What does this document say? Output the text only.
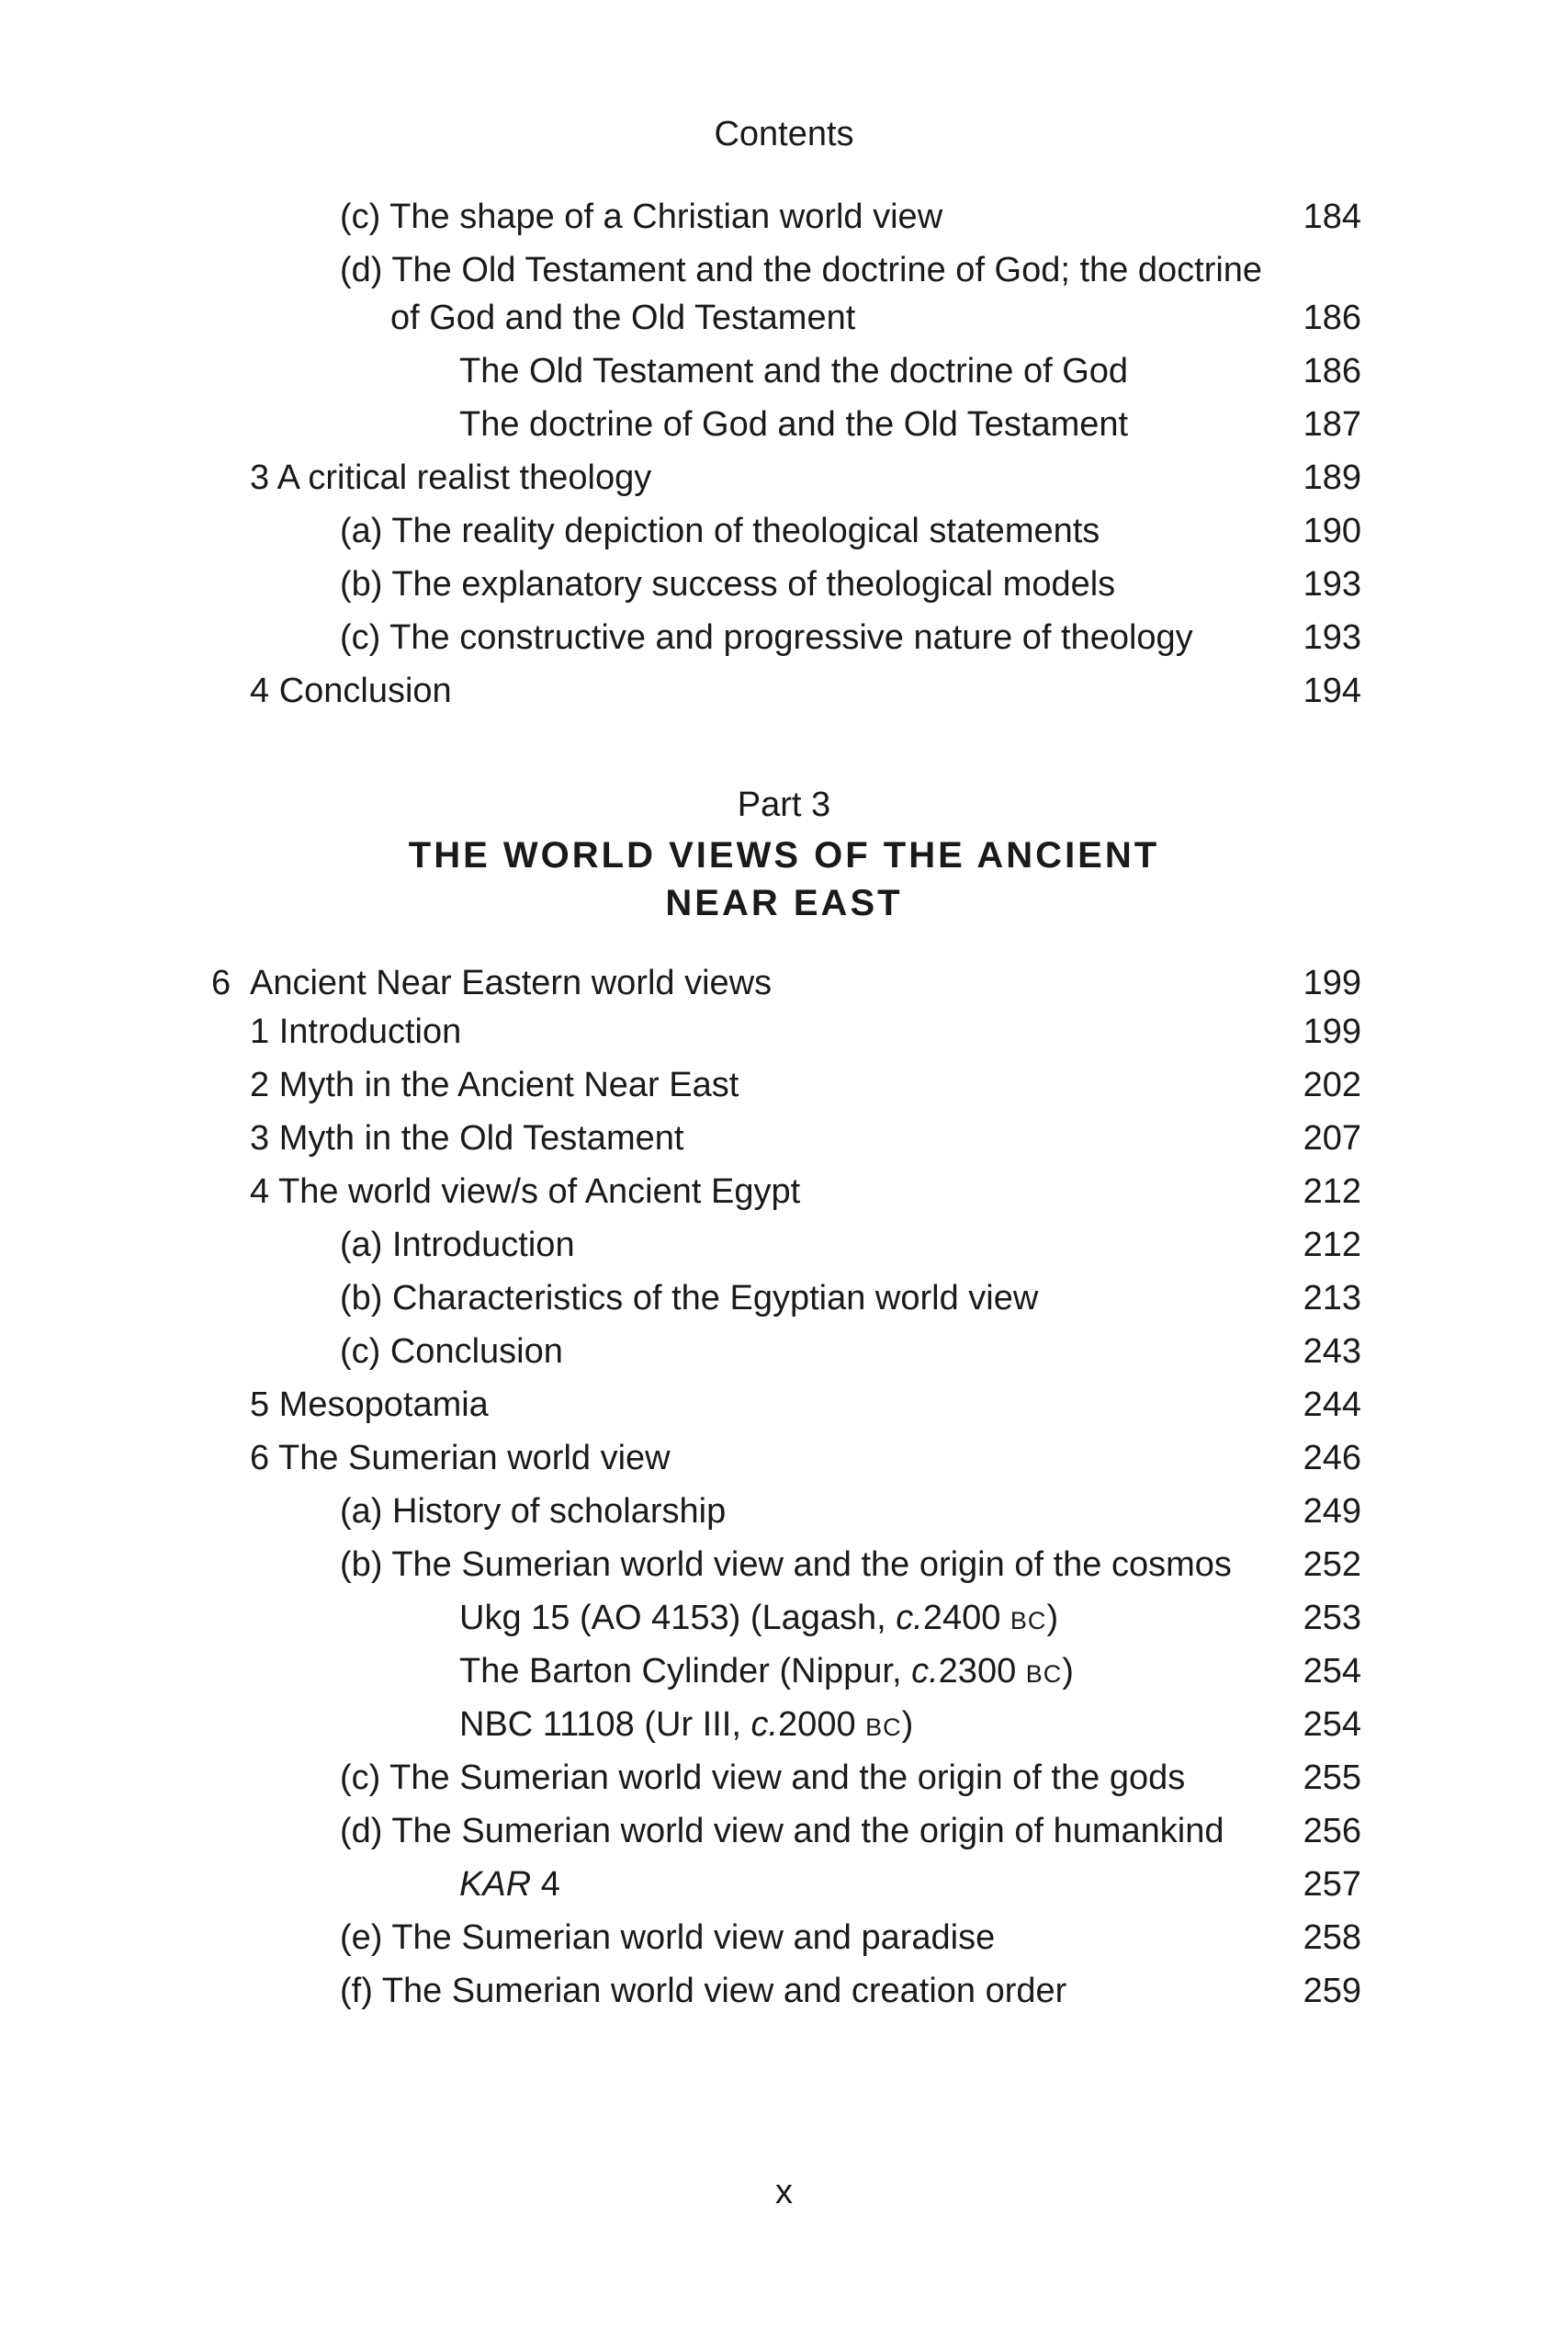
Contents
(c) The shape of a Christian world view	184
(d) The Old Testament and the doctrine of God; the doctrine
of God and the Old Testament	186
The Old Testament and the doctrine of God	186
The doctrine of God and the Old Testament	187
3 A critical realist theology	189
(a) The reality depiction of theological statements	190
(b) The explanatory success of theological models	193
(c) The constructive and progressive nature of theology	193
4 Conclusion	194
Part 3
THE WORLD VIEWS OF THE ANCIENT
NEAR EAST
6 Ancient Near Eastern world views	199
1 Introduction	199
2 Myth in the Ancient Near East	202
3 Myth in the Old Testament	207
4 The world view/s of Ancient Egypt	212
(a) Introduction	212
(b) Characteristics of the Egyptian world view	213
(c) Conclusion	243
5 Mesopotamia	244
6 The Sumerian world view	246
(a) History of scholarship	249
(b) The Sumerian world view and the origin of the cosmos 252
Ukg 15 (AO 4153) (Lagash, c.2400 BC)	253
The Barton Cylinder (Nippur, c.2300 BC)	254
NBC 11108 (Ur III, c.2000 BC)	254
(c) The Sumerian world view and the origin of the gods	255
(d) The Sumerian world view and the origin of humankind 256
KAR 4	257
(e) The Sumerian world view and paradise	258
(f) The Sumerian world view and creation order	259
x
